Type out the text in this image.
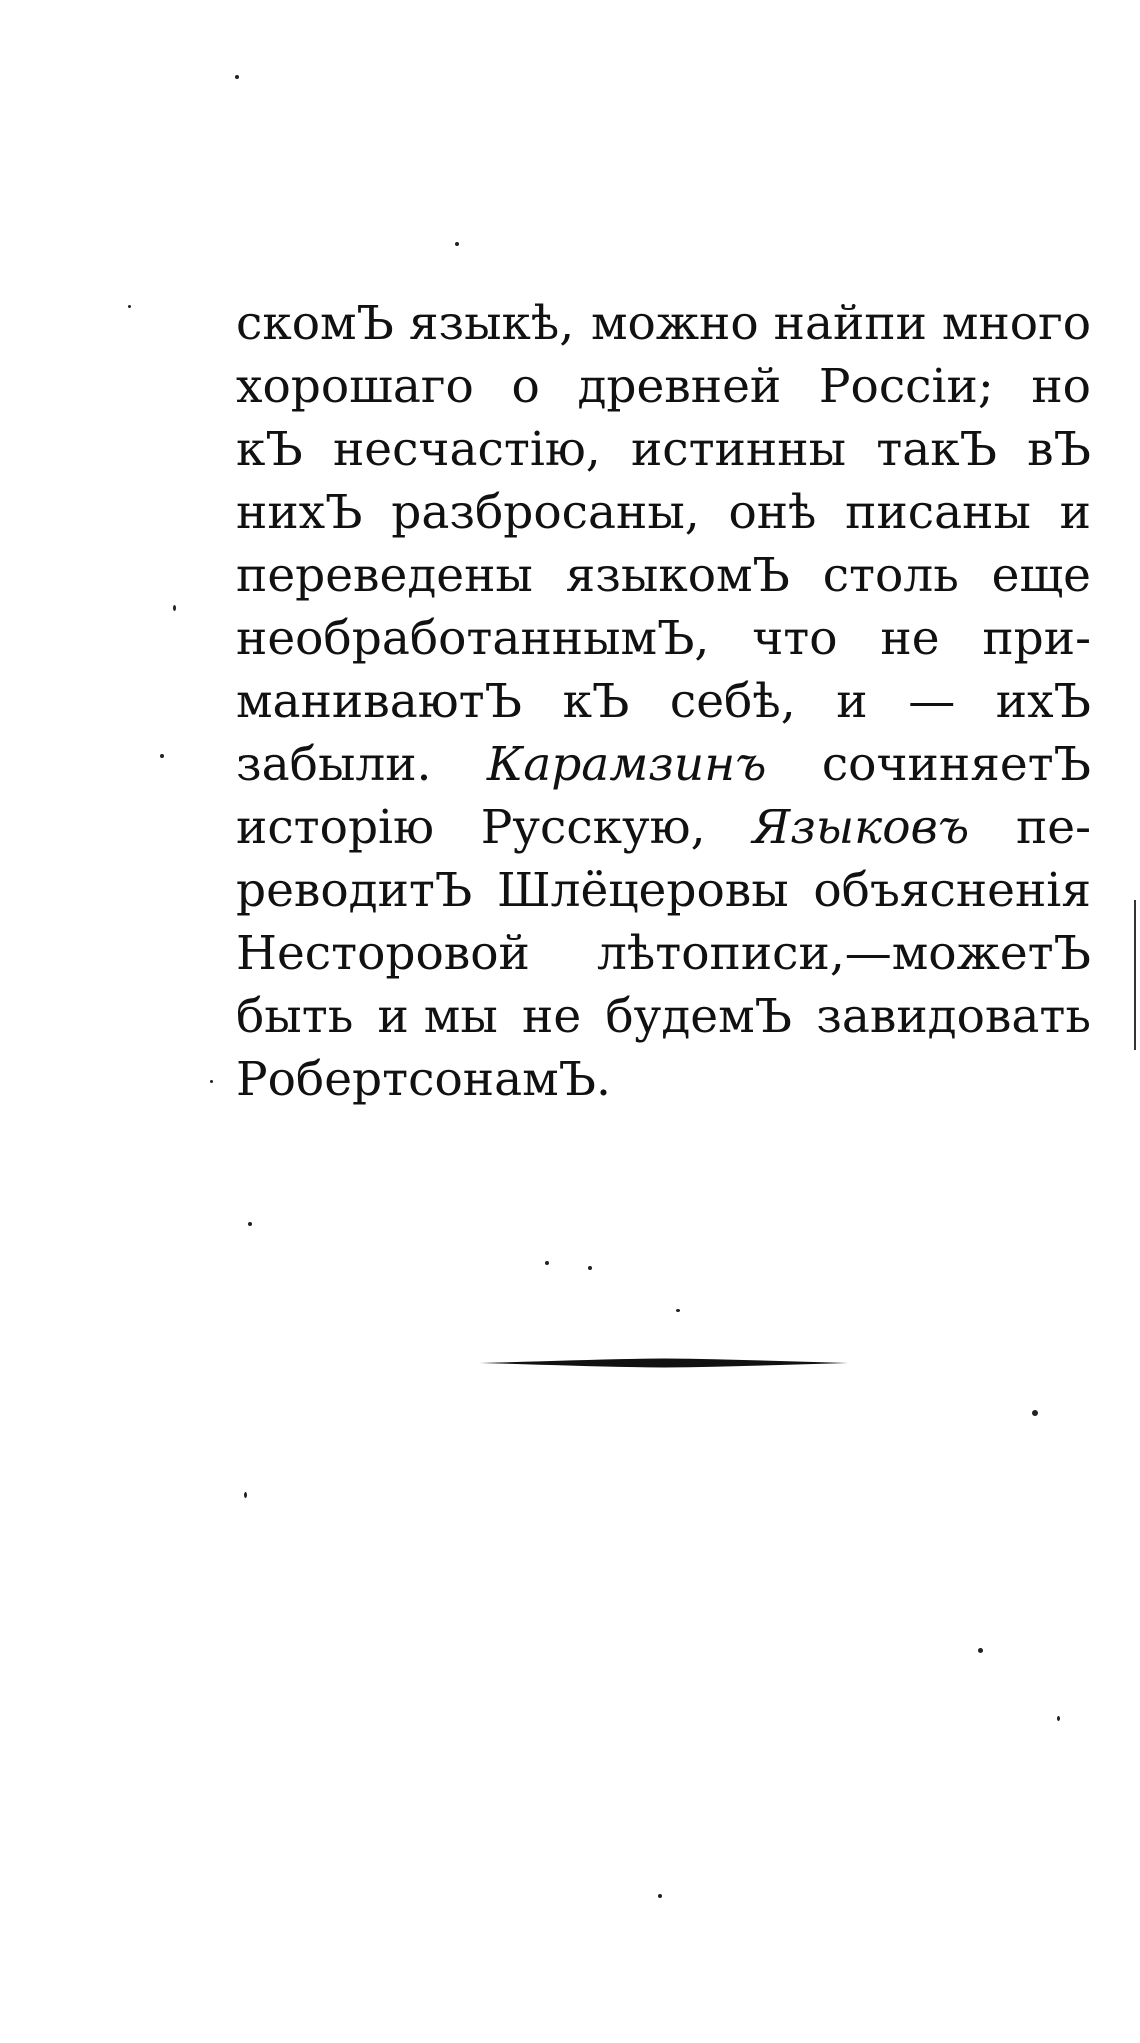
скомЪ языкѣ, можно найпи много
хорошаго о древней Россіи; но
кЪ несчастію, истинны такЪ вЪ
нихЪ разбросаны, онѣ писаны и
переведены языкомЪ столь еще
необработаннымЪ, что не при-
маниваютЪ кЪ себѣ, и — ихЪ
забыли. Карамзинъ сочиняетЪ
исторію Русскую, Языковъ пе-
реводитЪ Шлёцеровы объясненія
Несторовой лѣтописи,—можетЪ
быть и мы не будемЪ завидовать
РобертсонамЪ.
